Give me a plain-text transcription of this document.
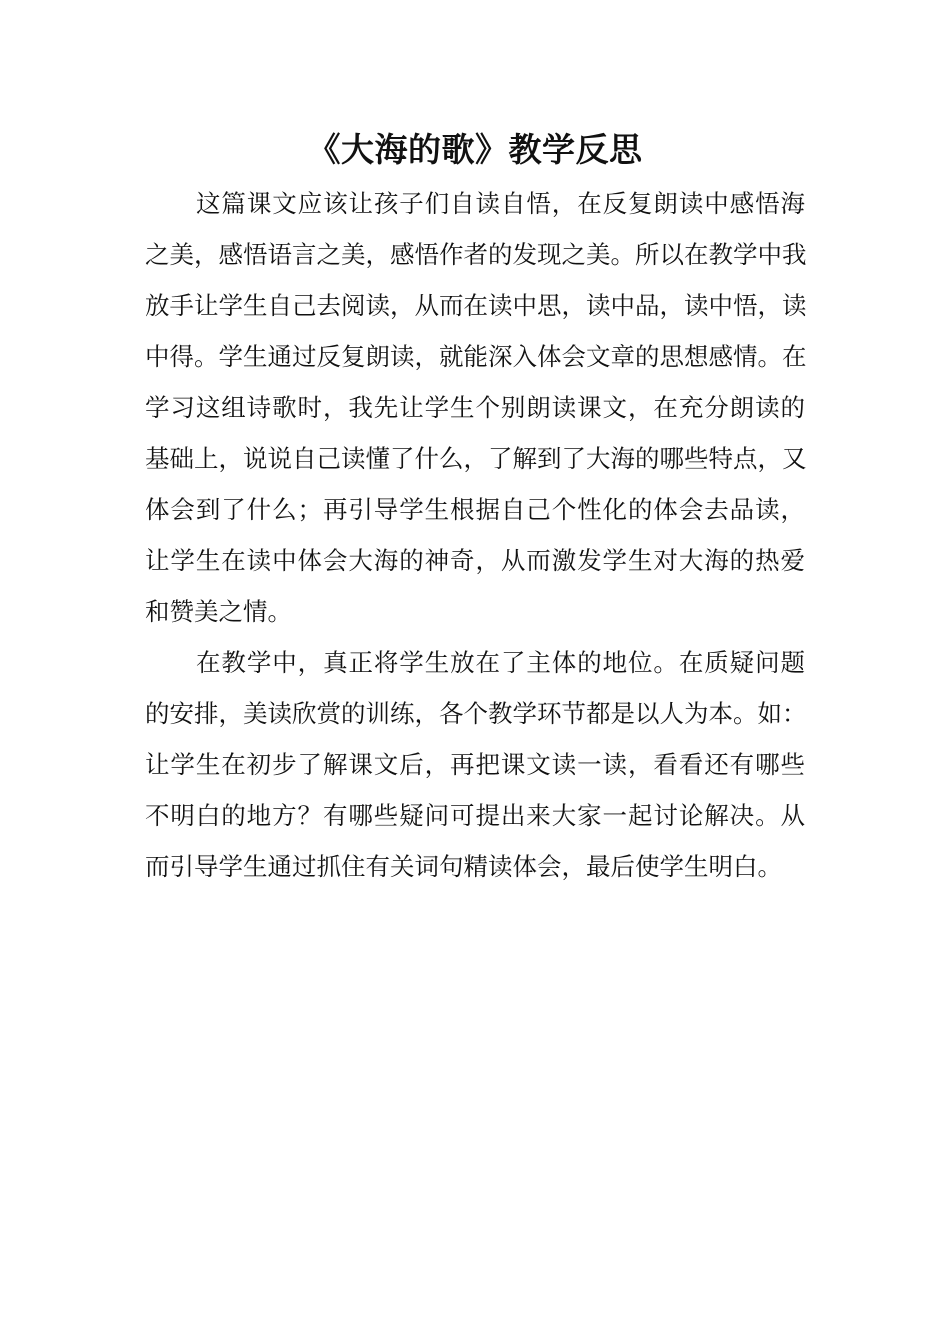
《大海的歌》教学反思
这篇课文应该让孩子们自读自悟，在反复朗读中感悟海
之美，感悟语言之美，感悟作者的发现之美。所以在教学中我
放手让学生自己去阅读，从而在读中思，读中品，读中悟，读
中得。学生通过反复朗读，就能深入体会文章的思想感情。在
学习这组诗歌时，我先让学生个别朗读课文，在充分朗读的
基础上，说说自己读懂了什么，了解到了大海的哪些特点，又
体会到了什么；再引导学生根据自己个性化的体会去品读，
让学生在读中体会大海的神奇，从而激发学生对大海的热爱
和赞美之情。
在教学中，真正将学生放在了主体的地位。在质疑问题
的安排，美读欣赏的训练，各个教学环节都是以人为本。如：
让学生在初步了解课文后，再把课文读一读，看看还有哪些
不明白的地方？有哪些疑问可提出来大家一起讨论解决。从
而引导学生通过抓住有关词句精读体会，最后使学生明白。
